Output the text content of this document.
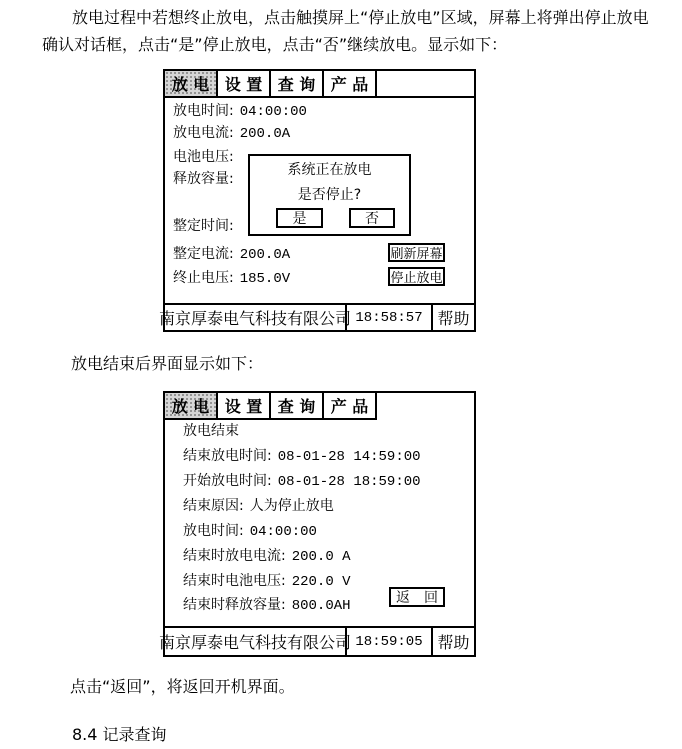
放电过程中若想终止放电，点击触摸屏上“停止放电”区域，屏幕上将弹出停止放电

确认对话框，点击“是”停止放电，点击“否”继续放电。显示如下：

放 电 设 置 查 询 产 品
放电时间: 04:00:00
放电电流: 200.0A
电池电压:
释放容量:
整定时间:
整定电流: 200.0A
终止电压: 185.0V
刷新屏幕
停止放电
系统正在放电
是否停止?
是	否
南京厚泰电气科技有限公司 18:58:57 帮助

放电结束后界面显示如下：

放 电 设 置 查 询 产 品
放电结束
结束放电时间: 08-01-28 14:59:00
开始放电时间: 08-01-28 18:59:00
结束原因: 人为停止放电
放电时间: 04:00:00
结束时放电电流: 200.0 A
结束时电池电压: 220.0 V
结束时释放容量: 800.0AH	返　回
南京厚泰电气科技有限公司 18:59:05 帮助

点击“返回”，将返回开机界面。

8.4 记录查询
